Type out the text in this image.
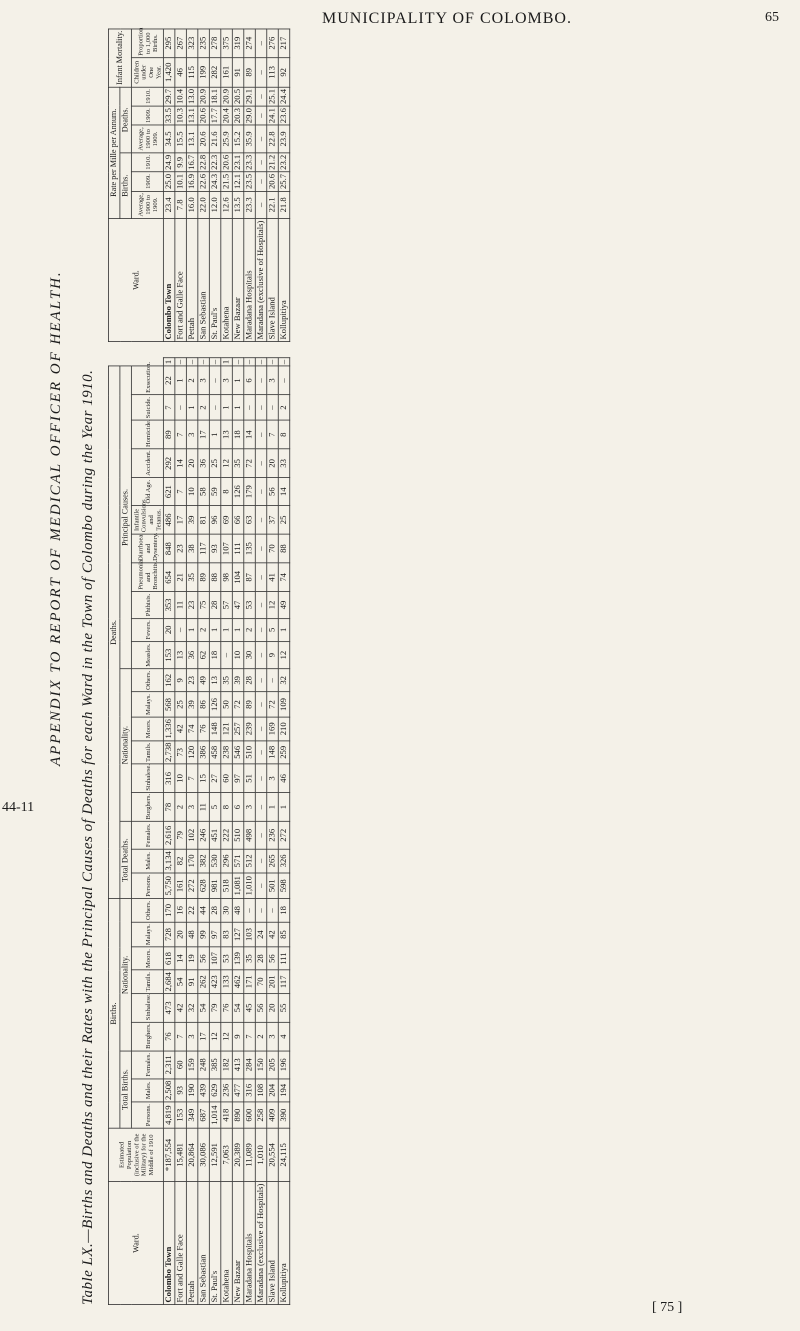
APPENDIX TO REPORT OF MEDICAL OFFICER OF HEALTH.
MUNICIPALITY OF COLOMBO.	65
44-11
[ 75 ]
Table LX.—Births and Deaths and their Rates with the Principal Causes of Deaths for each Ward in the Town of Colombo during the Year 1910.	Ward.	Estimated Population (inclusive of the Military) for the Middle of 1910	Births.									Deaths.																				
		Total Births.			Nationality.						Total Deaths.			Nationality.						Principal Causes.											
		Persons.	Males.	Females.	Burghers.	Sinhalese.	Tamils.	Moors.	Malays.	Others.	Persons.	Males.	Females.	Burghers.	Sinhalese.	Tamils.	Moors.	Malays.	Others.	Measles.	Fevers.	Phthisis.	Pneumonia and Bronchitis.	Diarrhoea and Dysentery.	Infantile Convulsions and Tetanus.	Old Age.	Accident.	Homicide.	Suicide.	Exsecution.	
Colombo Town	*187,554	4,819	2,508	2,311	76	473	2,684	618	728	170	5,750	3,134	2,616	78	316	2,738	1,336	568	162	153	20	353	654	848	486	621	292	89	7	22	1
Fort and Galle Face	15,481	153	93	60	7	42	54	14	20	16	161	82	79	2	10	73	42	25	9	13	–	11	21	23	17	7	14	7	–	1	–
Pettah	20,864	349	190	159	3	32	91	19	48	22	272	170	102	3	7	120	74	39	23	36	1	23	35	38	39	10	20	3	1	2	–
San Sebastian	30,086	687	439	248	17	54	262	56	99	44	628	382	246	11	15	386	76	86	49	62	2	75	89	117	81	58	36	17	2	3	–
St. Paul's	12,591	1,014	629	385	12	79	423	107	97	28	981	530	451	5	27	458	148	126	13	18	1	28	88	93	96	59	25	1	–	–	–
Kotahena	7,063	418	236	182	12	76	133	53	83	30	518	296	222	8	60	238	121	50	35	–	1	57	98	107	69	8	12	13	1	3	1
New Bazaar	20,389	890	477	413	9	54	462	139	127	48	1,081	571	510	6	97	546	257	72	39	10	1	47	104	111	66	126	35	18	1	1	–
Maradana Hospitals	11,089	600	316	284	7	45	171	35	103	–	1,010	512	498	3	51	510	239	89	28	30	2	53	87	135	63	179	72	14	–	6	–
Maradana (exclusive of Hospitals)	1,010	258	108	150	2	56	70	28	24	–	–	–	–	–	–	–	–	–	–	–	–	–	–	–	–	–	–	–	–	–	–
Slave Island	20,554	409	204	205	3	20	201	56	42	–	501	265	236	1	3	148	169	72	–	9	5	12	41	70	37	56	20	7	–	3	–
Kollupitiya	24,115	390	194	196	4	55	117	111	85	18	598	326	272	1	46	259	210	109	32	12	1	49	74	88	25	14	33	8	2	–	–
Ward.	Rate per Mille per Annum.						Infant Mortality.	
	Births.			Deaths.				
	Average, 1900 to 1909.	1909.	1910.	Average, 1900 to 1909.	1909.	1910.	Children under One Year.	Proportion to 1,000 Births.
Colombo Town	23.4	25.0	24.9	34.5	33.5	29.7	1,420	295
Fort and Galle Face	7.8	10.1	9.9	15.5	10.3	10.4	46	267
Pettah	16.0	16.9	16.7	13.1	13.1	13.0	115	323
San Sebastian	22.0	22.6	22.8	20.6	20.6	20.9	199	235
St. Paul's	12.0	24.3	22.3	21.6	17.7	18.1	282	278
Kotahena	12.6	21.5	20.6	25.9	20.4	20.9	161	375
New Bazaar	13.5	12.1	23.1	15.2	20.3	20.5	91	319
Maradana Hospitals	23.3	23.5	23.3	35.9	29.0	29.1	89	274
Maradana (exclusive of Hospitals)	–	–	–	–	–	–	–	–
Slave Island	22.1	20.6	21.2	22.8	24.1	25.1	113	276
Kollupitiya	21.8	25.7	23.2	23.9	23.6	24.4	92	217
